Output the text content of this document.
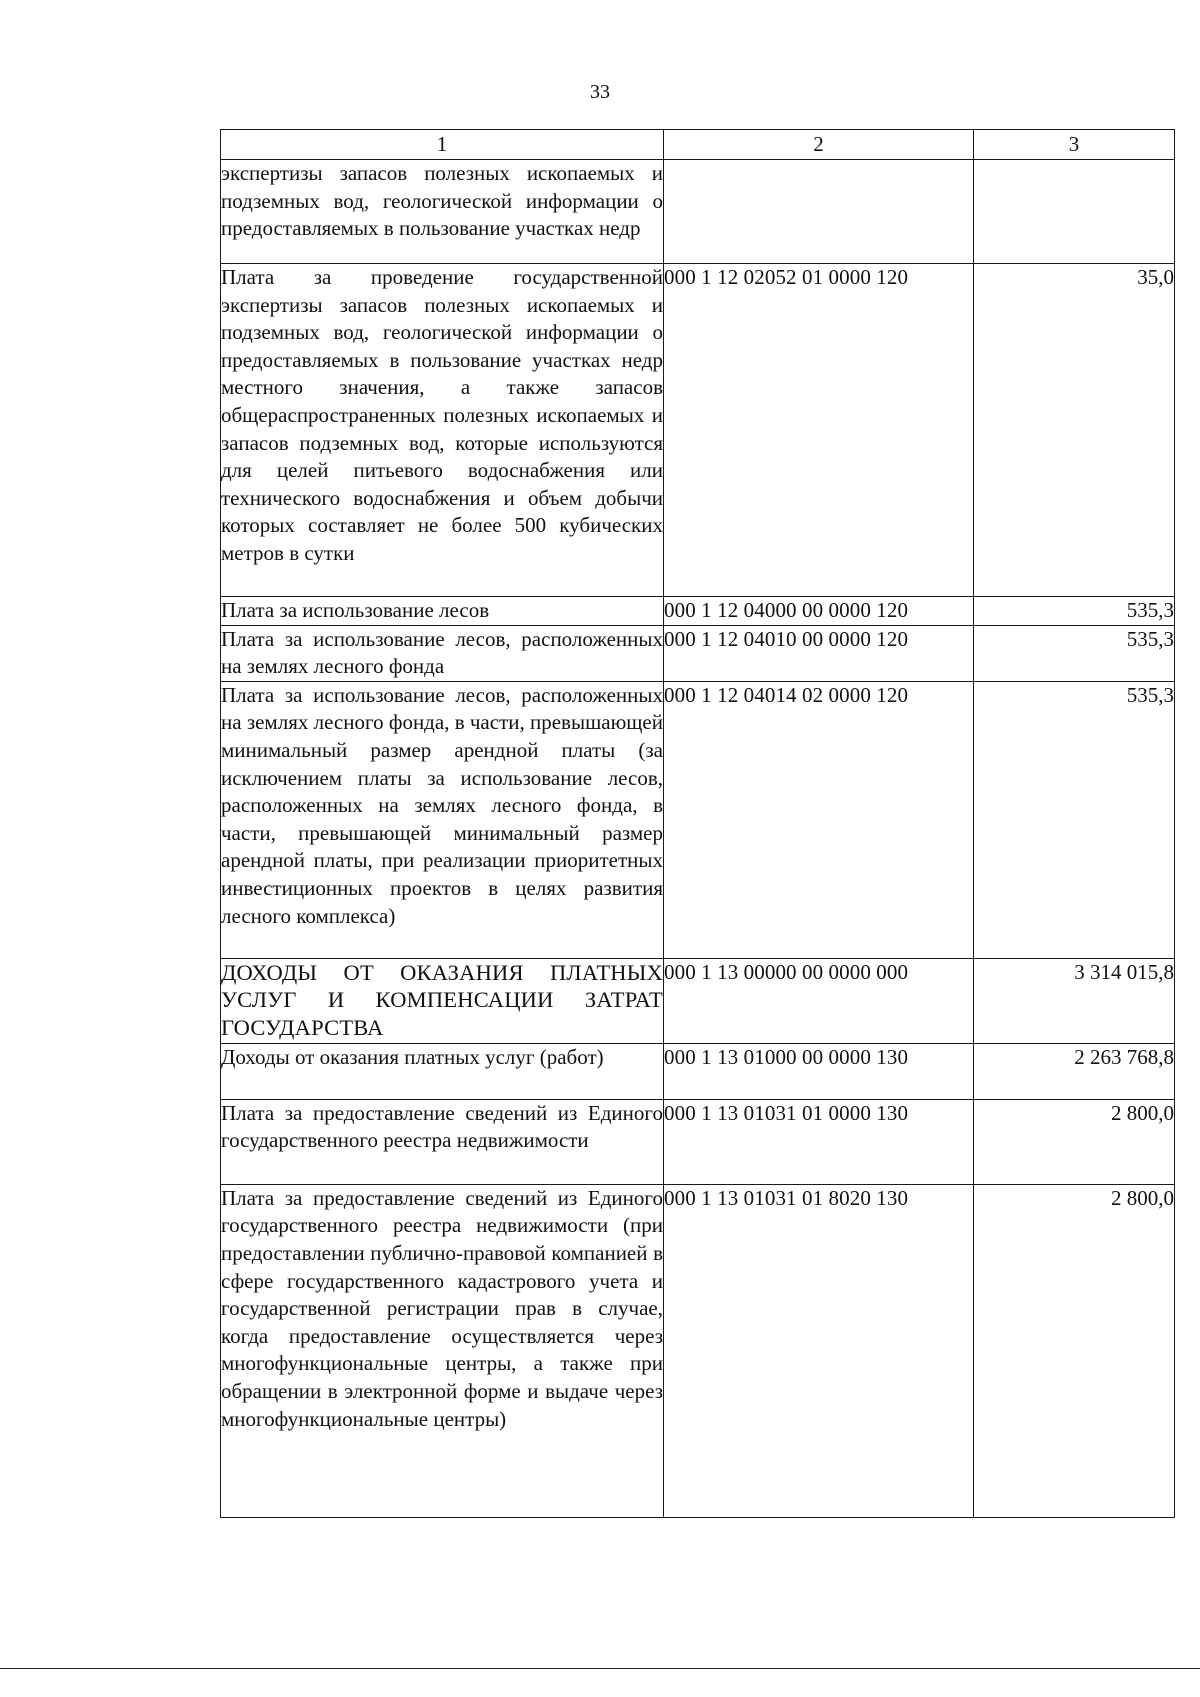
33
1	2	3
экспертизы запасов полезных ископаемых и подземных вод, геологической информации о предоставляемых в пользование участках недр		
Плата за проведение государственной экспертизы запасов полезных ископаемых и подземных вод, геологической информации о предоставляемых в пользование участках недр местного значения, а также запасов общераспространенных полезных ископаемых и запасов подземных вод, которые используются для целей питьевого водоснабжения или технического водоснабжения и объем добычи которых составляет не более 500 кубических метров в сутки	000 1 12 02052 01 0000 120	35,0
Плата за использование лесов	000 1 12 04000 00 0000 120	535,3
Плата за использование лесов, расположенных на землях лесного фонда	000 1 12 04010 00 0000 120	535,3
Плата за использование лесов, расположенных на землях лесного фонда, в части, превышающей минимальный размер арендной платы (за исключением платы за использование лесов, расположенных на землях лесного фонда, в части, превышающей минимальный размер арендной платы, при реализации приоритетных инвестиционных проектов в целях развития лесного комплекса)	000 1 12 04014 02 0000 120	535,3
ДОХОДЫ ОТ ОКАЗАНИЯ ПЛАТНЫХ УСЛУГ И КОМПЕНСАЦИИ ЗАТРАТ ГОСУДАРСТВА	000 1 13 00000 00 0000 000	3 314 015,8
Доходы от оказания платных услуг (работ)	000 1 13 01000 00 0000 130	2 263 768,8
Плата за предоставление сведений из Единого государственного реестра недвижимости	000 1 13 01031 01 0000 130	2 800,0
Плата за предоставление сведений из Единого государственного реестра недвижимости (при предоставлении публично-правовой компанией в сфере государственного кадастрового учета и государственной регистрации прав в случае, когда предоставление осуществляется через многофункциональные центры, а также при обращении в электронной форме и выдаче через многофункциональные центры)	000 1 13 01031 01 8020 130	2 800,0
